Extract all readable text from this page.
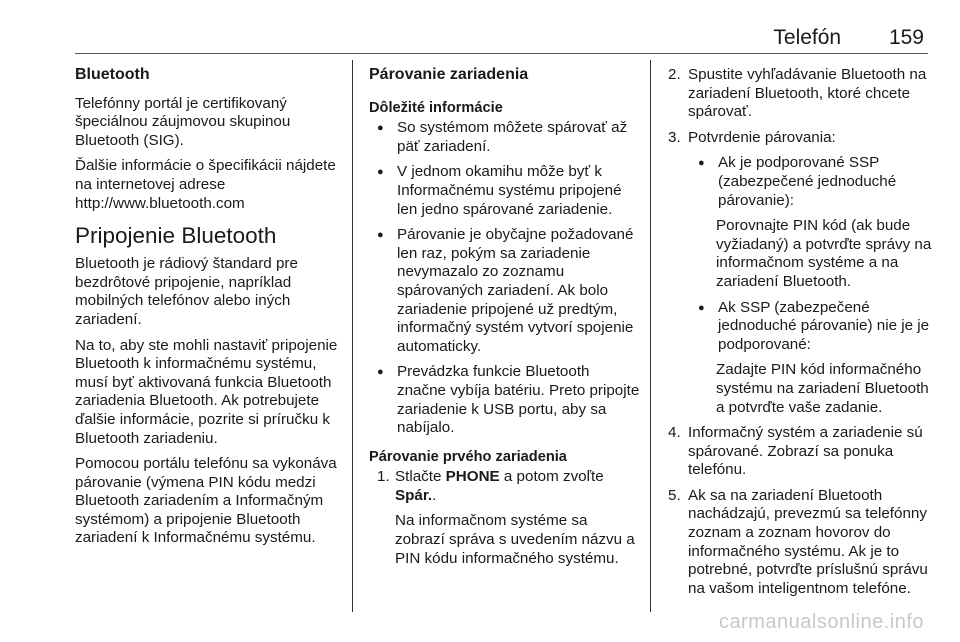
Telefón 159
Bluetooth

Telefónny portál je certifikovaný špeciálnou záujmovou skupinou Bluetooth (SIG).

Ďalšie informácie o špecifikácii nájdete na internetovej adrese http://www.bluetooth.com

Pripojenie Bluetooth

Bluetooth je rádiový štandard pre bezdrôtové pripojenie, napríklad mobilných telefónov alebo iných zariadení.

Na to, aby ste mohli nastaviť pripojenie Bluetooth k informačnému systému, musí byť aktivovaná funkcia Bluetooth zariadenia Bluetooth. Ak potrebujete ďalšie informácie, pozrite si príručku k Bluetooth zariadeniu.

Pomocou portálu telefónu sa vykonáva párovanie (výmena PIN kódu medzi Bluetooth zariadením a Informačným systémom) a pripojenie Bluetooth zariadení k Informačnému systému.

Párovanie zariadenia
Dôležité informácie
● So systémom môžete spárovať až päť zariadení.
● V jednom okamihu môže byť k Informačnému systému pripojené len jedno spárované zariadenie.
● Párovanie je obyčajne požadované len raz, pokým sa zariadenie nevymazalo zo zoznamu spárovaných zariadení. Ak bolo zariadenie pripojené už predtým, informačný systém vytvorí spojenie automaticky.
● Prevádzka funkcie Bluetooth značne vybíja batériu. Preto pripojte zariadenie k USB portu, aby sa nabíjalo.
Párovanie prvého zariadenia
1. Stlačte PHONE a potom zvoľte Spár..

Na informačnom systéme sa zobrazí správa s uvedením názvu a PIN kódu informačného systému.

2. Spustite vyhľadávanie Bluetooth na zariadení Bluetooth, ktoré chcete spárovať.
3. Potvrdenie párovania:
● Ak je podporované SSP (zabezpečené jednoduché párovanie):

Porovnajte PIN kód (ak bude vyžiadaný) a potvrďte správy na informačnom systéme a na zariadení Bluetooth.

● Ak SSP (zabezpečené jednoduché párovanie) nie je je podporované:

Zadajte PIN kód informačného systému na zariadení Bluetooth a potvrďte vaše zadanie.

4. Informačný systém a zariadenie sú spárované. Zobrazí sa ponuka telefónu.
5. Ak sa na zariadení Bluetooth nachádzajú, prevezmú sa telefónny zoznam a zoznam hovorov do informačného systému. Ak je to potrebné, potvrďte príslušnú správu na vašom inteligentnom telefóne.
carmanualsonline.info
